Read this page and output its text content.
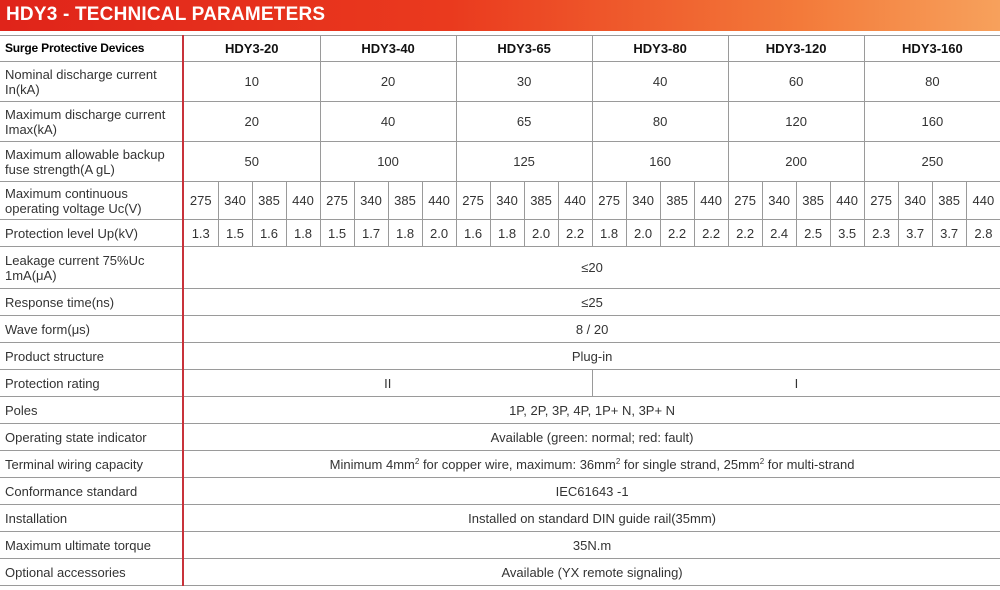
HDY3 - TECHNICAL PARAMETERS
Surge Protective Devices	HDY3-20				HDY3-40				HDY3-65				HDY3-80				HDY3-120				HDY3-160			
Nominal discharge current In(kA)	10				20				30				40				60				80			
Maximum discharge current Imax(kA)	20				40				65				80				120				160			
Maximum allowable backup fuse strength(A gL)	50				100				125				160				200				250			
Maximum continuous operating voltage Uc(V)	275	340	385	440	275	340	385	440	275	340	385	440	275	340	385	440	275	340	385	440	275	340	385	440
Protection level Up(kV)	1.3	1.5	1.6	1.8	1.5	1.7	1.8	2.0	1.6	1.8	2.0	2.2	1.8	2.0	2.2	2.2	2.2	2.4	2.5	3.5	2.3	3.7	3.7	2.8
Leakage current 75%Uc 1mA(μA)	≤20																							
Response time(ns)	≤25																							
Wave form(μs)	8 / 20																							
Product structure	Plug-in																							
Protection rating	II												I											
Poles	1P, 2P, 3P, 4P, 1P+ N, 3P+ N																							
Operating state indicator	Available (green: normal; red: fault)																							
Terminal wiring capacity	Minimum $4mm^2$ for copper wire, maximum: $36mm^2$ for single strand, $25mm^2$ for multi-strand																							
Conformance standard	IEC61643 -1																							
Installation	Installed on standard DIN guide rail(35mm)																							
Maximum ultimate torque	35N.m																							
Optional accessories	Available (YX remote signaling)																							
